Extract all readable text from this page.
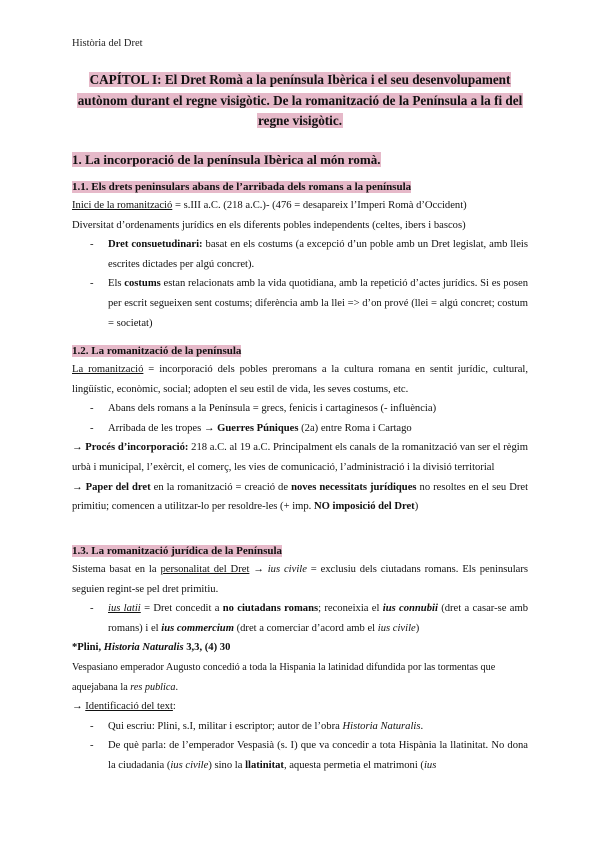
Història del Dret
CAPÍTOL I: El Dret Romà a la península Ibèrica i el seu desenvolupament autònom durant el regne visigòtic. De la romanització de la Península a la fi del regne visigòtic.
1. La incorporació de la península Ibèrica al món romà.
1.1. Els drets peninsulars abans de l’arribada dels romans a la península
Inici de la romanització = s.III a.C. (218 a.C.)- (476 = desapareix l’Imperi Romà d’Occident)
Diversitat d’ordenaments jurídics en els diferents pobles independents (celtes, ibers i bascos)
- Dret consuetudinari: basat en els costums (a excepció d’un poble amb un Dret legislat, amb lleis escrites dictades per algú concret).
- Els costums estan relacionats amb la vida quotidiana, amb la repetició d’actes jurídics. Si es posen per escrit segueixen sent costums; diferència amb la llei => d’on prové (llei = algú concret; costum = societat)
1.2. La romanització de la península
La romanització = incorporació dels pobles preromans a la cultura romana en sentit jurídic, cultural, lingüístic, econòmic, social; adopten el seu estil de vida, les seves costums, etc.
- Abans dels romans a la Península = grecs, fenicis i cartaginesos (- influència)
- Arribada de les tropes → Guerres Púniques (2a) entre Roma i Cartago
→ Procés d’incorporació: 218 a.C. al 19 a.C. Principalment els canals de la romanització van ser el règim urbà i municipal, l’exèrcit, el comerç, les vies de comunicació, l’administració i la divisió territorial
→ Paper del dret en la romanització = creació de noves necessitats jurídiques no resoltes en el seu Dret primitiu; comencen a utilitzar-lo per resoldre-les (+ imp. NO imposició del Dret)
1.3. La romanització jurídica de la Península
Sistema basat en la personalitat del Dret → ius civile = exclusiu dels ciutadans romans. Els peninsulars seguien regint-se pel dret primitiu.
- ius latii = Dret concedit a no ciutadans romans; reconeixia el ius connubii (dret a casar-se amb romans) i el ius commercium (dret a comerciar d’acord amb el ius civile)
*Plini, Historia Naturalis 3,3, (4) 30
Vespasiano emperador Augusto concedió a toda la Hispania la latinidad difundida por las tormentas que aquejabana la res publica.
→ Identificació del text:
- Qui escriu: Plini, s.I, militar i escriptor; autor de l’obra Historia Naturalis.
- De què parla: de l’emperador Vespasià (s. I) que va concedir a tota Hispània la llatinitat. No dona la ciudadania (ius civile) sino la llatinitat, aquesta permetia el matrimoni (ius
